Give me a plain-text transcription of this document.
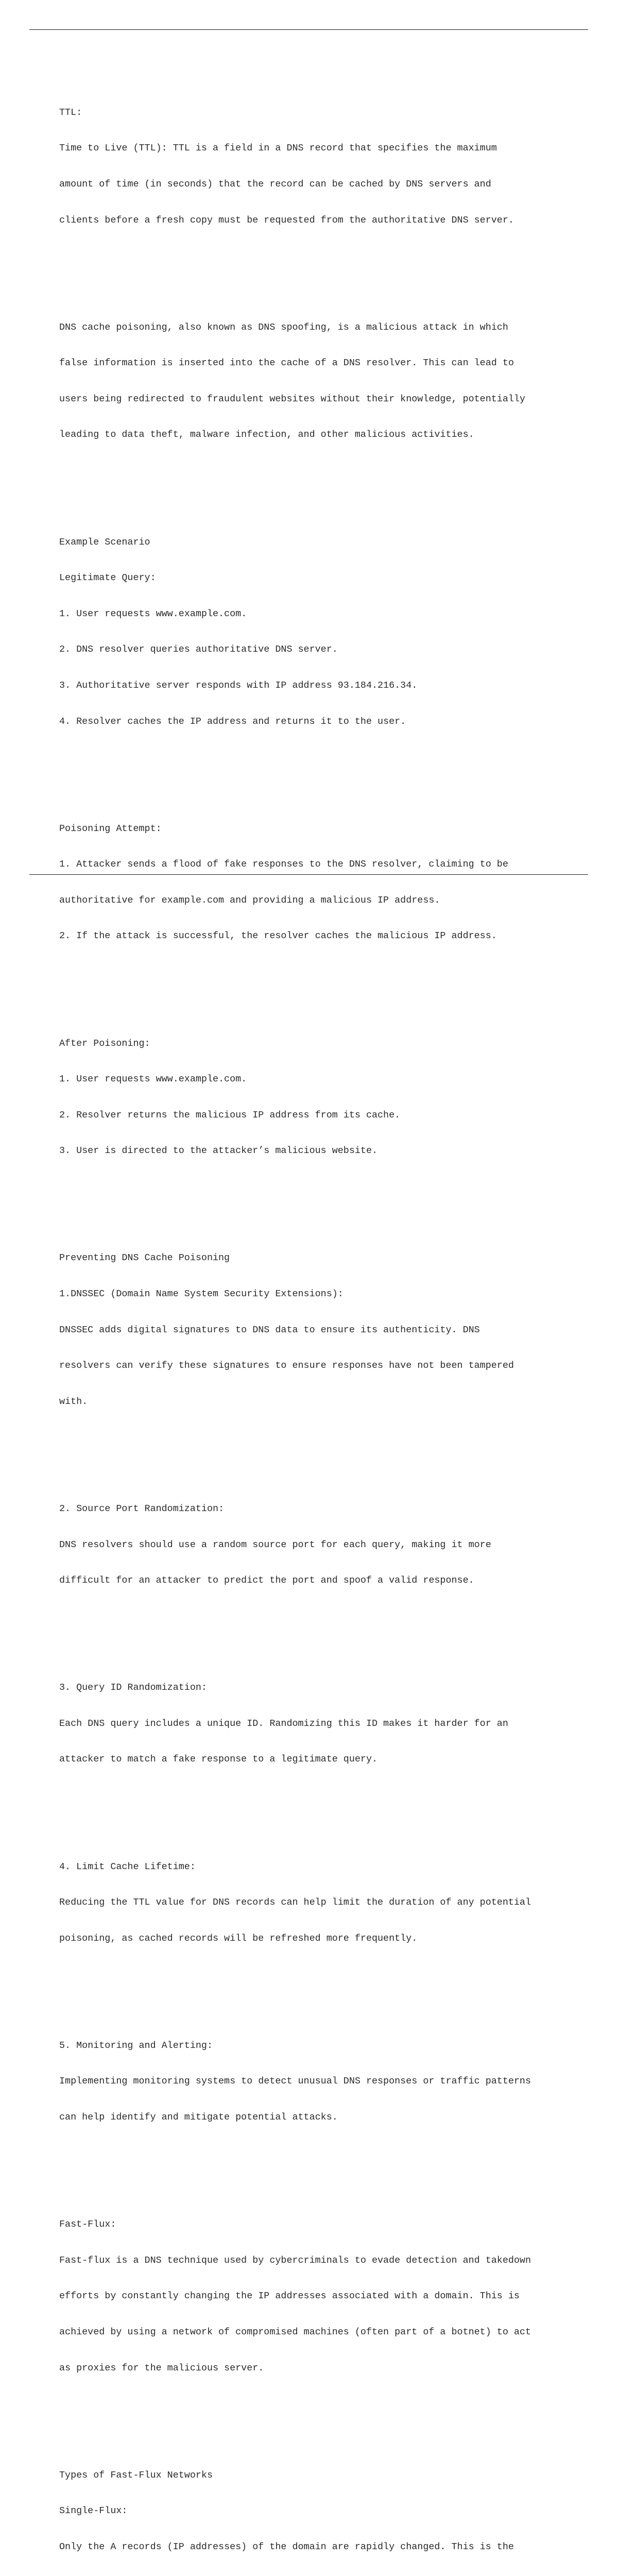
TTL:

Time to Live (TTL): TTL is a field in a DNS record that specifies the maximum

amount of time (in seconds) that the record can be cached by DNS servers and

clients before a fresh copy must be requested from the authoritative DNS server.

DNS cache poisoning, also known as DNS spoofing, is a malicious attack in which

false information is inserted into the cache of a DNS resolver. This can lead to

users being redirected to fraudulent websites without their knowledge, potentially

leading to data theft, malware infection, and other malicious activities.

Example Scenario

Legitimate Query:

1. User requests www.example.com.

2. DNS resolver queries authoritative DNS server.

3. Authoritative server responds with IP address 93.184.216.34.

4. Resolver caches the IP address and returns it to the user.

Poisoning Attempt:

1. Attacker sends a flood of fake responses to the DNS resolver, claiming to be

authoritative for example.com and providing a malicious IP address.

2. If the attack is successful, the resolver caches the malicious IP address.

After Poisoning:

1. User requests www.example.com.

2. Resolver returns the malicious IP address from its cache.

3. User is directed to the attacker’s malicious website.

Preventing DNS Cache Poisoning

1.DNSSEC (Domain Name System Security Extensions):

DNSSEC adds digital signatures to DNS data to ensure its authenticity. DNS

resolvers can verify these signatures to ensure responses have not been tampered

with.

2. Source Port Randomization:

DNS resolvers should use a random source port for each query, making it more

difficult for an attacker to predict the port and spoof a valid response.

3. Query ID Randomization:

Each DNS query includes a unique ID. Randomizing this ID makes it harder for an

attacker to match a fake response to a legitimate query.

4. Limit Cache Lifetime:

Reducing the TTL value for DNS records can help limit the duration of any potential

poisoning, as cached records will be refreshed more frequently.

5. Monitoring and Alerting:

Implementing monitoring systems to detect unusual DNS responses or traffic patterns

can help identify and mitigate potential attacks.

Fast-Flux:

Fast-flux is a DNS technique used by cybercriminals to evade detection and takedown

efforts by constantly changing the IP addresses associated with a domain. This is

achieved by using a network of compromised machines (often part of a botnet) to act

as proxies for the malicious server.

Types of Fast-Flux Networks

Single-Flux:

Only the A records (IP addresses) of the domain are rapidly changed. This is the
